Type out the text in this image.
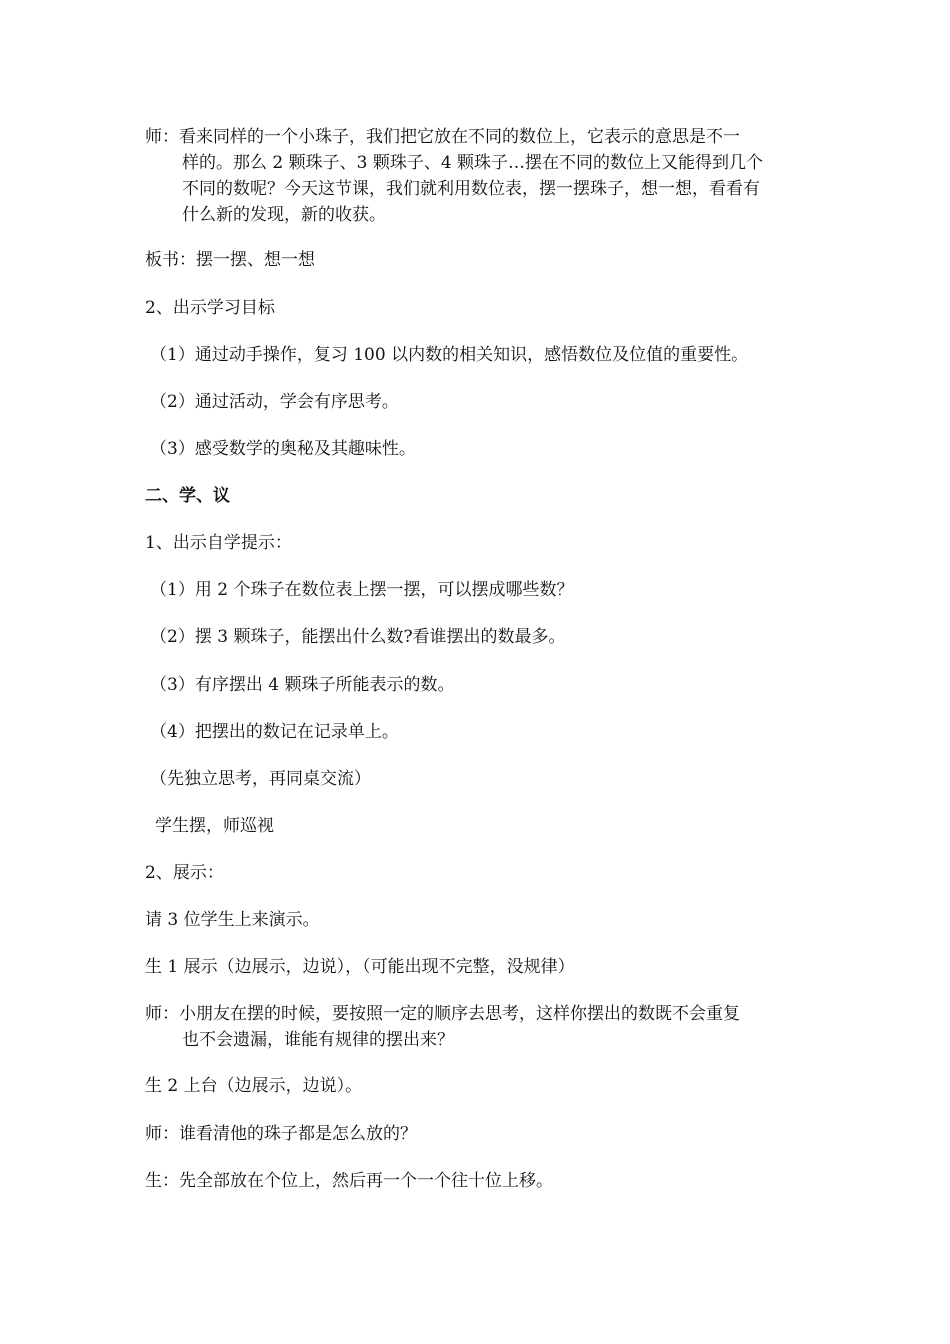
师：看来同样的一个小珠子，我们把它放在不同的数位上，它表示的意思是不一
样的。那么 2 颗珠子、3 颗珠子、4 颗珠子…摆在不同的数位上又能得到几个
不同的数呢？今天这节课，我们就利用数位表，摆一摆珠子，想一想，看看有
什么新的发现，新的收获。
板书：摆一摆、想一想
2、出示学习目标
（1）通过动手操作，复习 100 以内数的相关知识，感悟数位及位值的重要性。
（2）通过活动，学会有序思考。
（3）感受数学的奥秘及其趣味性。
二、学、议
1、出示自学提示：
（1）用 2 个珠子在数位表上摆一摆，可以摆成哪些数？
（2）摆 3 颗珠子，能摆出什么数?看谁摆出的数最多。
（3）有序摆出 4 颗珠子所能表示的数。
（4）把摆出的数记在记录单上。
（先独立思考，再同桌交流）
学生摆，师巡视
2、展示：
请 3 位学生上来演示。
生 1 展示（边展示，边说），（可能出现不完整，没规律）
师：小朋友在摆的时候，要按照一定的顺序去思考，这样你摆出的数既不会重复
也不会遗漏，谁能有规律的摆出来？
生 2 上台（边展示，边说）。
师：谁看清他的珠子都是怎么放的？
生：先全部放在个位上，然后再一个一个往十位上移。
